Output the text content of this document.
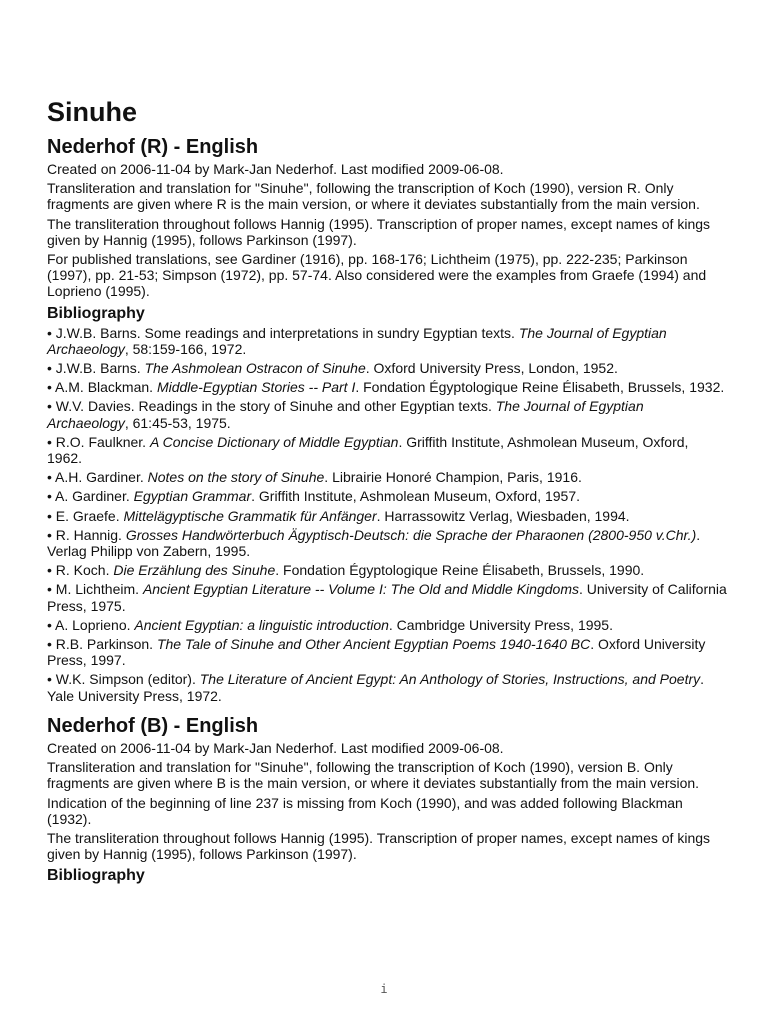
Sinuhe
Nederhof (R) - English

Created on 2006-11-04 by Mark-Jan Nederhof. Last modified 2009-06-08.

Transliteration and translation for "Sinuhe", following the transcription of Koch (1990), version R. Only fragments are given where R is the main version, or where it deviates substantially from the main version.

The transliteration throughout follows Hannig (1995). Transcription of proper names, except names of kings given by Hannig (1995), follows Parkinson (1997).

For published translations, see Gardiner (1916), pp. 168-176; Lichtheim (1975), pp. 222-235; Parkinson (1997), pp. 21-53; Simpson (1972), pp. 57-74. Also considered were the examples from Graefe (1994) and Loprieno (1995).

Bibliography

• J.W.B. Barns. Some readings and interpretations in sundry Egyptian texts. The Journal of Egyptian Archaeology, 58:159-166, 1972.

• J.W.B. Barns. The Ashmolean Ostracon of Sinuhe. Oxford University Press, London, 1952.

• A.M. Blackman. Middle-Egyptian Stories -- Part I. Fondation Égyptologique Reine Élisabeth, Brussels, 1932.

• W.V. Davies. Readings in the story of Sinuhe and other Egyptian texts. The Journal of Egyptian Archaeology, 61:45-53, 1975.

• R.O. Faulkner. A Concise Dictionary of Middle Egyptian. Griffith Institute, Ashmolean Museum, Oxford, 1962.

• A.H. Gardiner. Notes on the story of Sinuhe. Librairie Honoré Champion, Paris, 1916.

• A. Gardiner. Egyptian Grammar. Griffith Institute, Ashmolean Museum, Oxford, 1957.

• E. Graefe. Mittelägyptische Grammatik für Anfänger. Harrassowitz Verlag, Wiesbaden, 1994.

• R. Hannig. Grosses Handwörterbuch Ägyptisch-Deutsch: die Sprache der Pharaonen (2800-950 v.Chr.). Verlag Philipp von Zabern, 1995.

• R. Koch. Die Erzählung des Sinuhe. Fondation Égyptologique Reine Élisabeth, Brussels, 1990.

• M. Lichtheim. Ancient Egyptian Literature -- Volume I: The Old and Middle Kingdoms. University of California Press, 1975.

• A. Loprieno. Ancient Egyptian: a linguistic introduction. Cambridge University Press, 1995.

• R.B. Parkinson. The Tale of Sinuhe and Other Ancient Egyptian Poems 1940-1640 BC. Oxford University Press, 1997.

• W.K. Simpson (editor). The Literature of Ancient Egypt: An Anthology of Stories, Instructions, and Poetry. Yale University Press, 1972.

Nederhof (B) - English

Created on 2006-11-04 by Mark-Jan Nederhof. Last modified 2009-06-08.

Transliteration and translation for "Sinuhe", following the transcription of Koch (1990), version B. Only fragments are given where B is the main version, or where it deviates substantially from the main version.

Indication of the beginning of line 237 is missing from Koch (1990), and was added following Blackman (1932).

The transliteration throughout follows Hannig (1995). Transcription of proper names, except names of kings given by Hannig (1995), follows Parkinson (1997).

Bibliography
i
